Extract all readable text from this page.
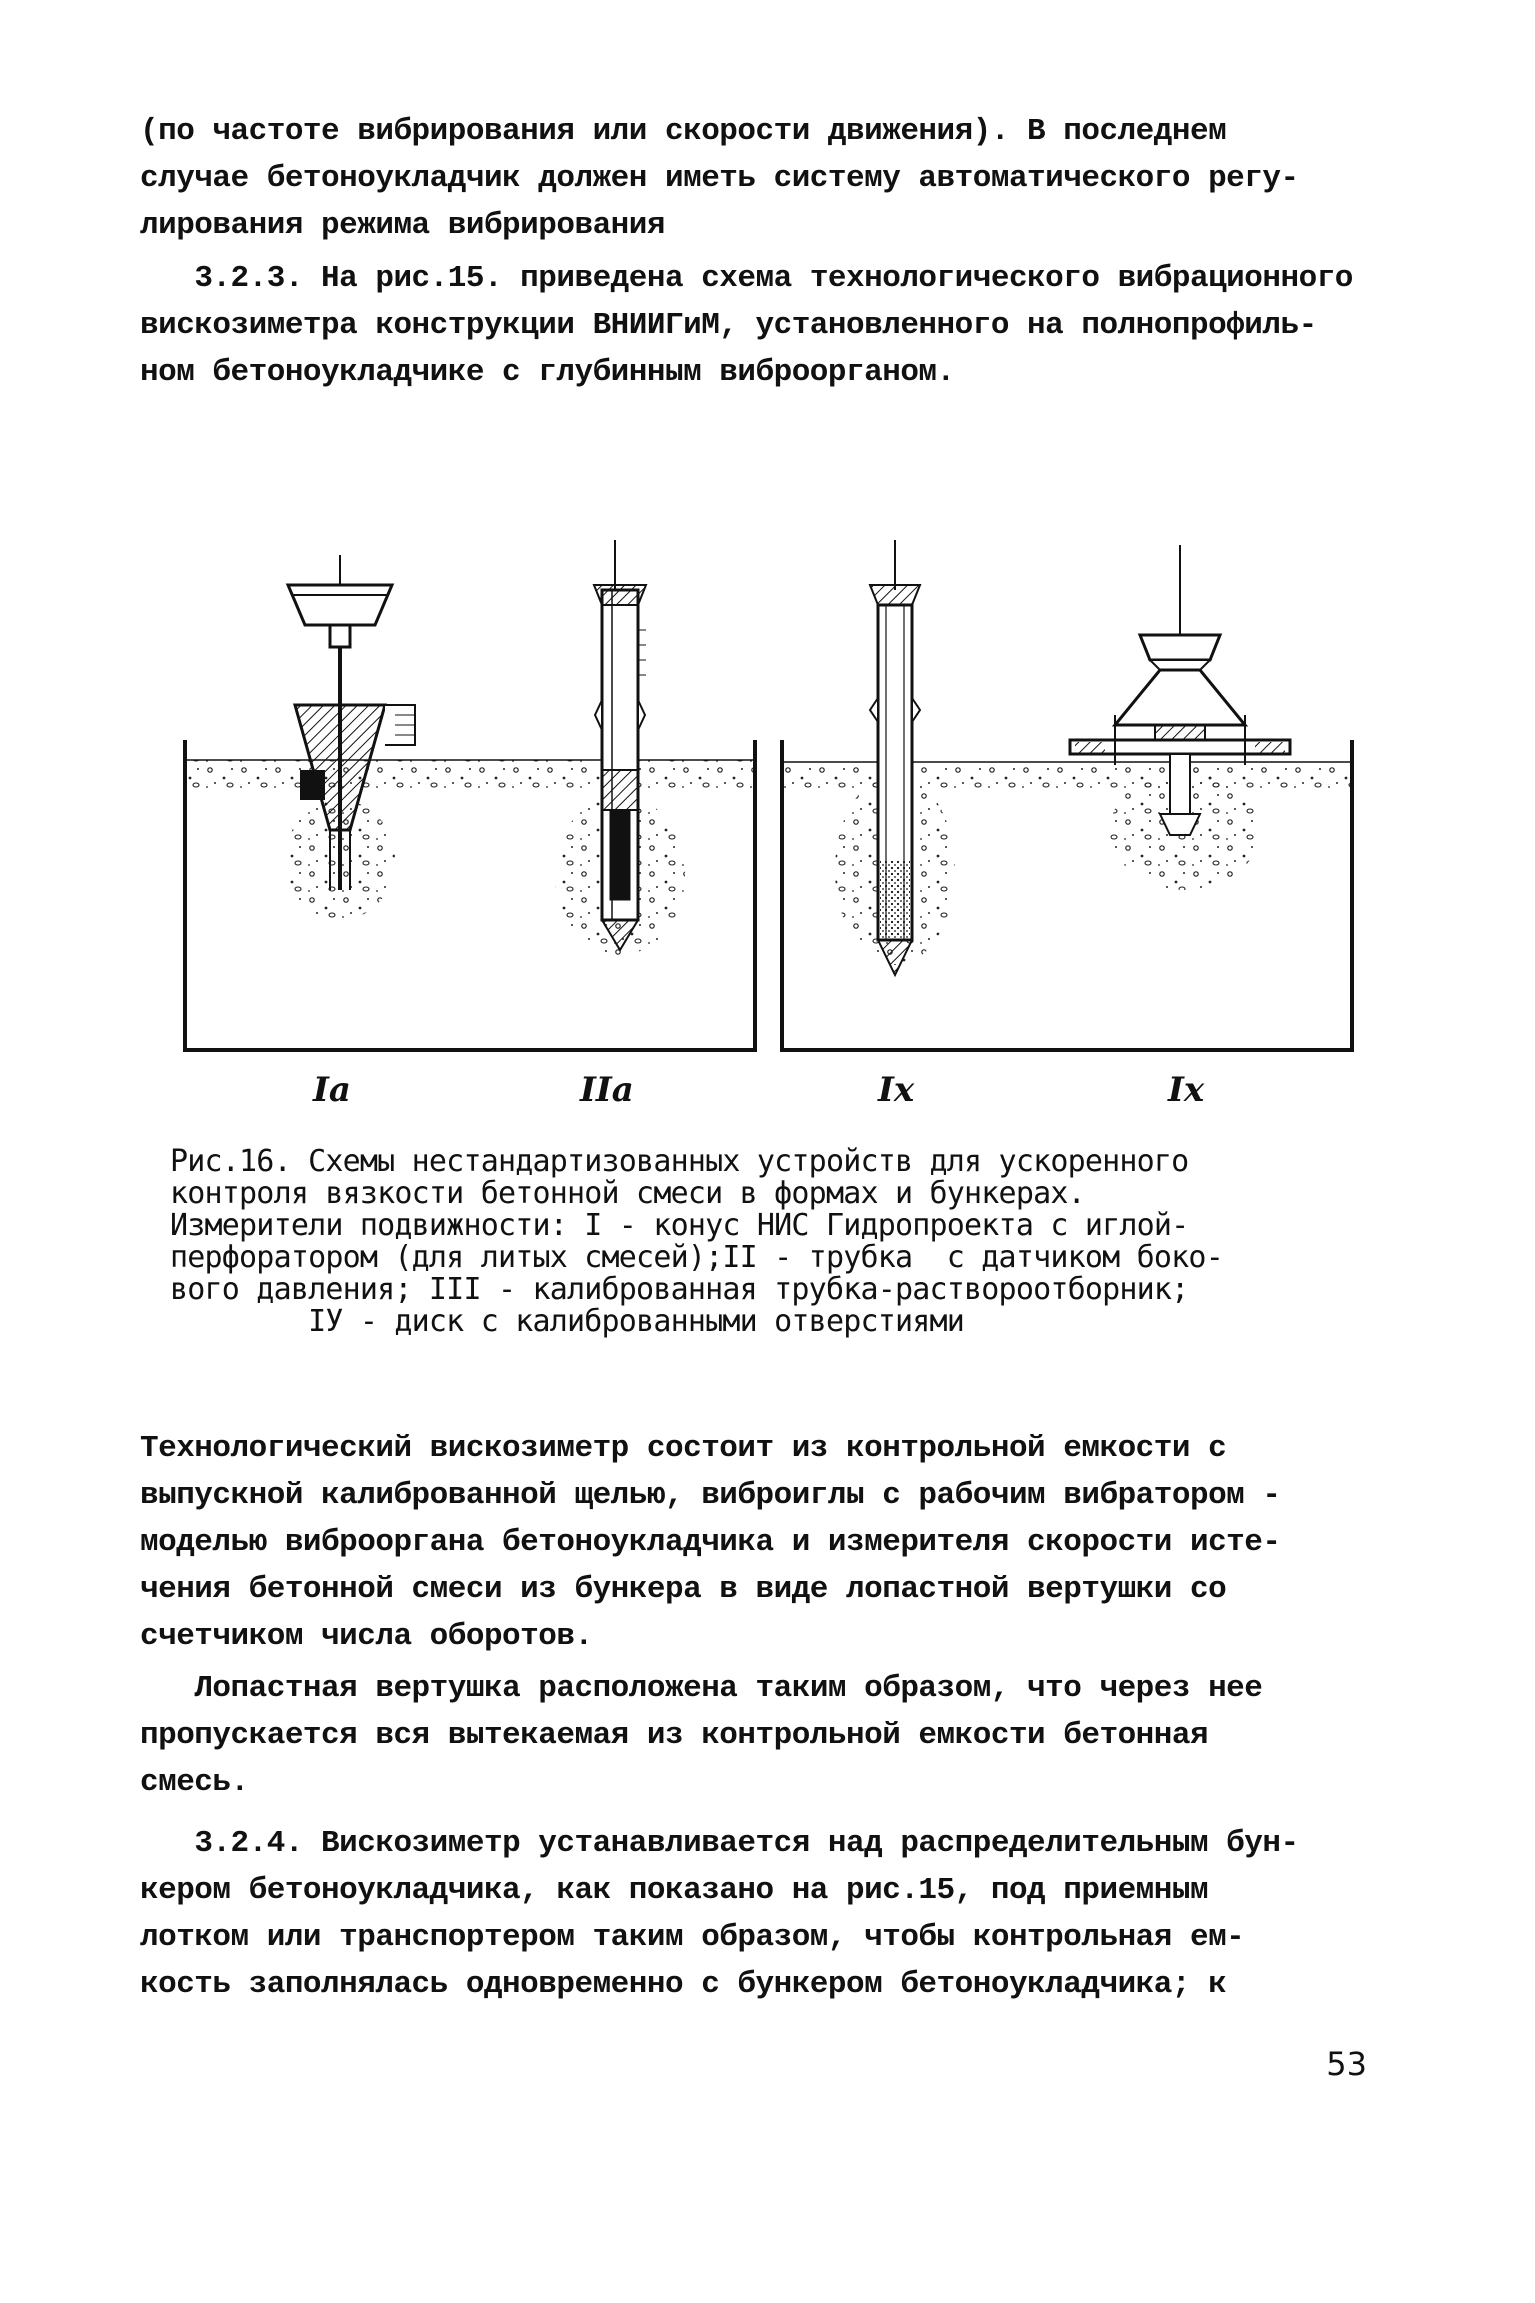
(по частоте вибрирования или скорости движения). В последнем
случае бетоноукладчик должен иметь систему автоматического регу-
лирования режима вибрирования
3.2.3. На рис.15. приведена схема технологического вибрационного
вискозиметра конструкции ВНИИГиМ, установленного на полнопрофиль-
ном бетоноукладчике с глубинным виброорганом.
Iа	IIа	Iх	Iх
Рис.16. Схемы нестандартизованных устройств для ускоренного
контроля вязкости бетонной смеси в формах и бункерах.
Измерители подвижности: I - конус НИС Гидропроекта с иглой-
перфоратором (для литых смесей);II - трубка  с датчиком боко-
вого давления; III - калиброванная трубка-раствороотборник;
IУ - диск с калиброванными отверстиями
Технологический вискозиметр состоит из контрольной емкости с
выпускной калиброванной щелью, виброиглы с рабочим вибратором -
моделью виброоргана бетоноукладчика и измерителя скорости исте-
чения бетонной смеси из бункера в виде лопастной вертушки со
счетчиком числа оборотов.
Лопастная вертушка расположена таким образом, что через нее
пропускается вся вытекаемая из контрольной емкости бетонная
смесь.
3.2.4. Вискозиметр устанавливается над распределительным бун-
кером бетоноукладчика, как показано на рис.15, под приемным
лотком или транспортером таким образом, чтобы контрольная ем-
кость заполнялась одновременно с бункером бетоноукладчика; к
53
